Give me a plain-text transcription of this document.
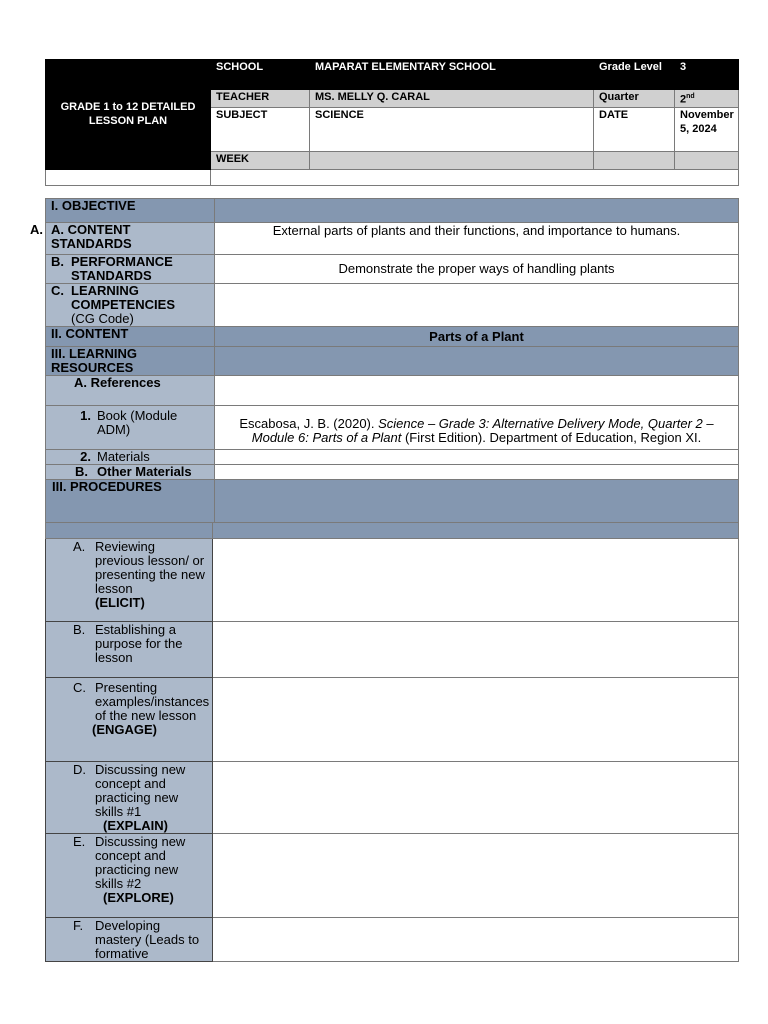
GRADE 1 to 12 DETAILED LESSON PLAN	SCHOOL	MAPARAT ELEMENTARY SCHOOL	Grade Level	3
	TEACHER	MS. MELLY Q. CARAL	Quarter	2nd
	SUBJECT	SCIENCE	DATE	November 5, 2024
	WEEK			

A.
I. OBJECTIVE	
A. CONTENT STANDARDS	External parts of plants and their functions, and importance to humans.

B. PERFORMANCE STANDARDS	Demonstrate the proper ways of handling plants

C. LEARNING COMPETENCIES
(CG Code)	

II. CONTENT	Parts of a Plant
III. LEARNING RESOURCES	
A. References	

1. Book (Module ADM)	Escabosa, J. B. (2020). Science – Grade 3: Alternative Delivery Mode, Quarter 2 – Module 6: Parts of a Plant (First Edition). Department of Education, Region XI.

2. Materials	

B. Other Materials	

III. PROCEDURES	

A. Reviewing previous lesson/ or presenting the new lesson
(ELICIT)	

B. Establishing a purpose for the lesson	

C. Presenting examples/instances of the new lesson
(ENGAGE)	

D. Discussing new concept and practicing new skills #1
(EXPLAIN)	

E. Discussing new concept and practicing new skills #2
(EXPLORE)	

F. Developing mastery (Leads to formative	
